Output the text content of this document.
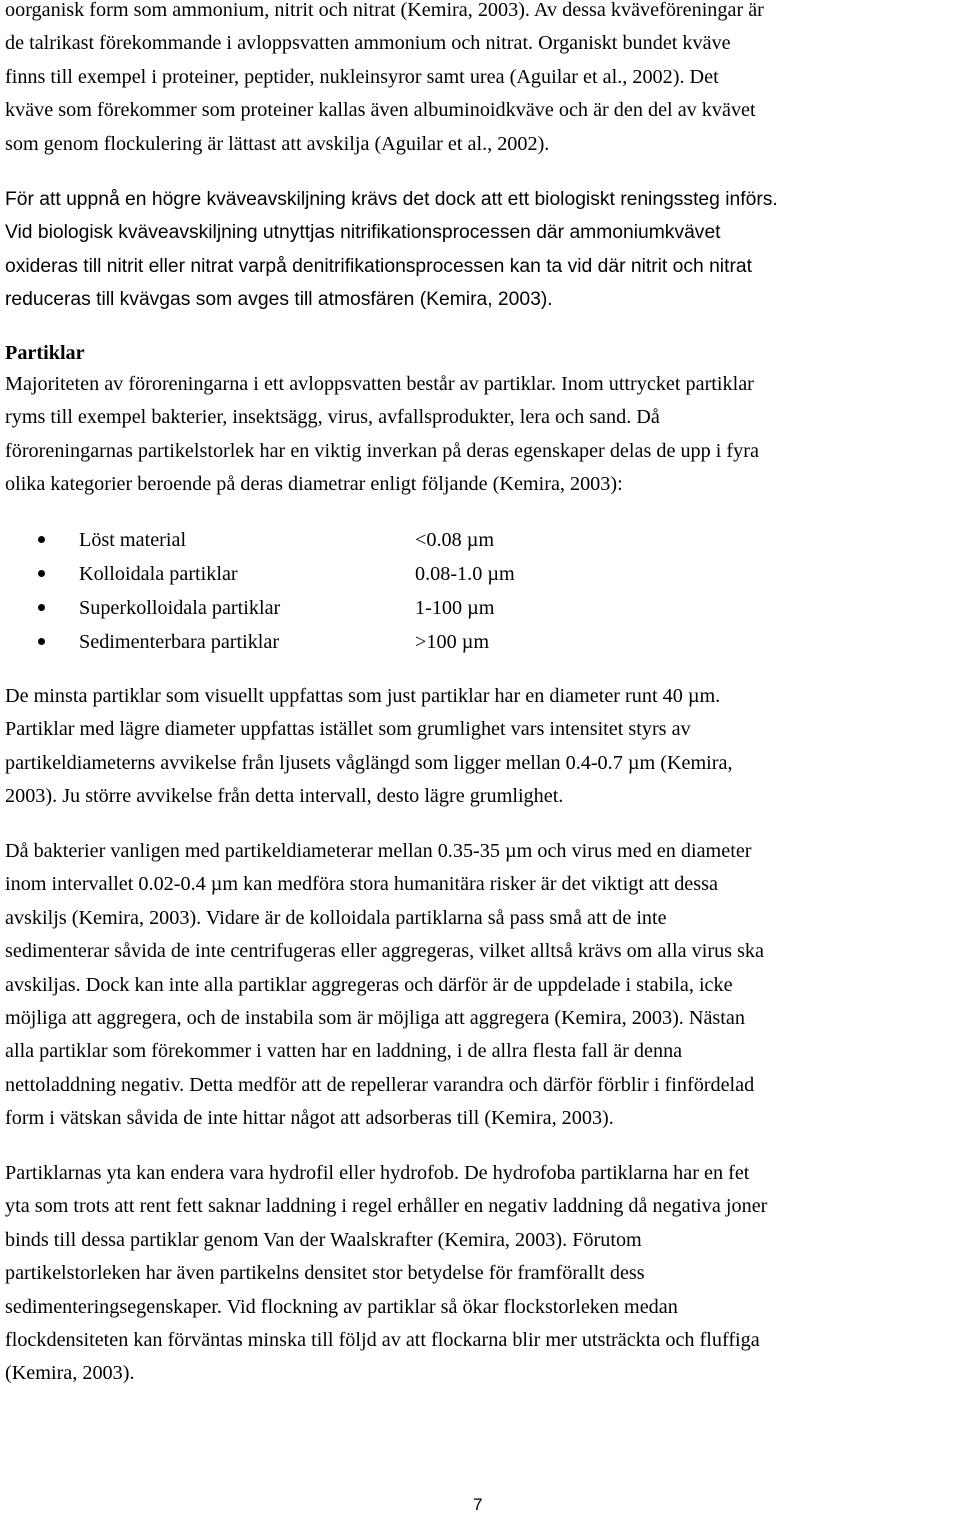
oorganisk form som ammonium, nitrit och nitrat (Kemira, 2003). Av dessa kväveföreningar är
de talrikast förekommande i avloppsvatten ammonium och nitrat. Organiskt bundet kväve
finns till exempel i proteiner, peptider, nukleinsyror samt urea (Aguilar et al., 2002). Det
kväve som förekommer som proteiner kallas även albuminoidkväve och är den del av kvävet
som genom flockulering är lättast att avskilja (Aguilar et al., 2002).
För att uppnå en högre kväveavskiljning krävs det dock att ett biologiskt reningssteg införs.
Vid biologisk kväveavskiljning utnyttjas nitrifikationsprocessen där ammoniumkvävet
oxideras till nitrit eller nitrat varpå denitrifikationsprocessen kan ta vid där nitrit och nitrat
reduceras till kvävgas som avges till atmosfären (Kemira, 2003).
Partiklar
Majoriteten av föroreningarna i ett avloppsvatten består av partiklar. Inom uttrycket partiklar
ryms till exempel bakterier, insektsägg, virus, avfallsprodukter, lera och sand. Då
föroreningarnas partikelstorlek har en viktig inverkan på deras egenskaper delas de upp i fyra
olika kategorier beroende på deras diametrar enligt följande (Kemira, 2003):
Löst material	<0.08 µm
Kolloidala partiklar	0.08-1.0 µm
Superkolloidala partiklar	1-100 µm
Sedimenterbara partiklar	>100 µm
De minsta partiklar som visuellt uppfattas som just partiklar har en diameter runt 40 µm.
Partiklar med lägre diameter uppfattas istället som grumlighet vars intensitet styrs av
partikeldiameterns avvikelse från ljusets våglängd som ligger mellan 0.4-0.7 µm (Kemira,
2003). Ju större avvikelse från detta intervall, desto lägre grumlighet.
Då bakterier vanligen med partikeldiameterar mellan 0.35-35 µm och virus med en diameter
inom intervallet 0.02-0.4 µm kan medföra stora humanitära risker är det viktigt att dessa
avskiljs (Kemira, 2003). Vidare är de kolloidala partiklarna så pass små att de inte
sedimenterar såvida de inte centrifugeras eller aggregeras, vilket alltså krävs om alla virus ska
avskiljas. Dock kan inte alla partiklar aggregeras och därför är de uppdelade i stabila, icke
möjliga att aggregera, och de instabila som är möjliga att aggregera (Kemira, 2003). Nästan
alla partiklar som förekommer i vatten har en laddning, i de allra flesta fall är denna
nettoladdning negativ. Detta medför att de repellerar varandra och därför förblir i finfördelad
form i vätskan såvida de inte hittar något att adsorberas till (Kemira, 2003).
Partiklarnas yta kan endera vara hydrofil eller hydrofob. De hydrofoba partiklarna har en fet
yta som trots att rent fett saknar laddning i regel erhåller en negativ laddning då negativa joner
binds till dessa partiklar genom Van der Waalskrafter (Kemira, 2003). Förutom
partikelstorleken har även partikelns densitet stor betydelse för framförallt dess
sedimenteringsegenskaper. Vid flockning av partiklar så ökar flockstorleken medan
flockdensiteten kan förväntas minska till följd av att flockarna blir mer utsträckta och fluffiga
(Kemira, 2003).
7
